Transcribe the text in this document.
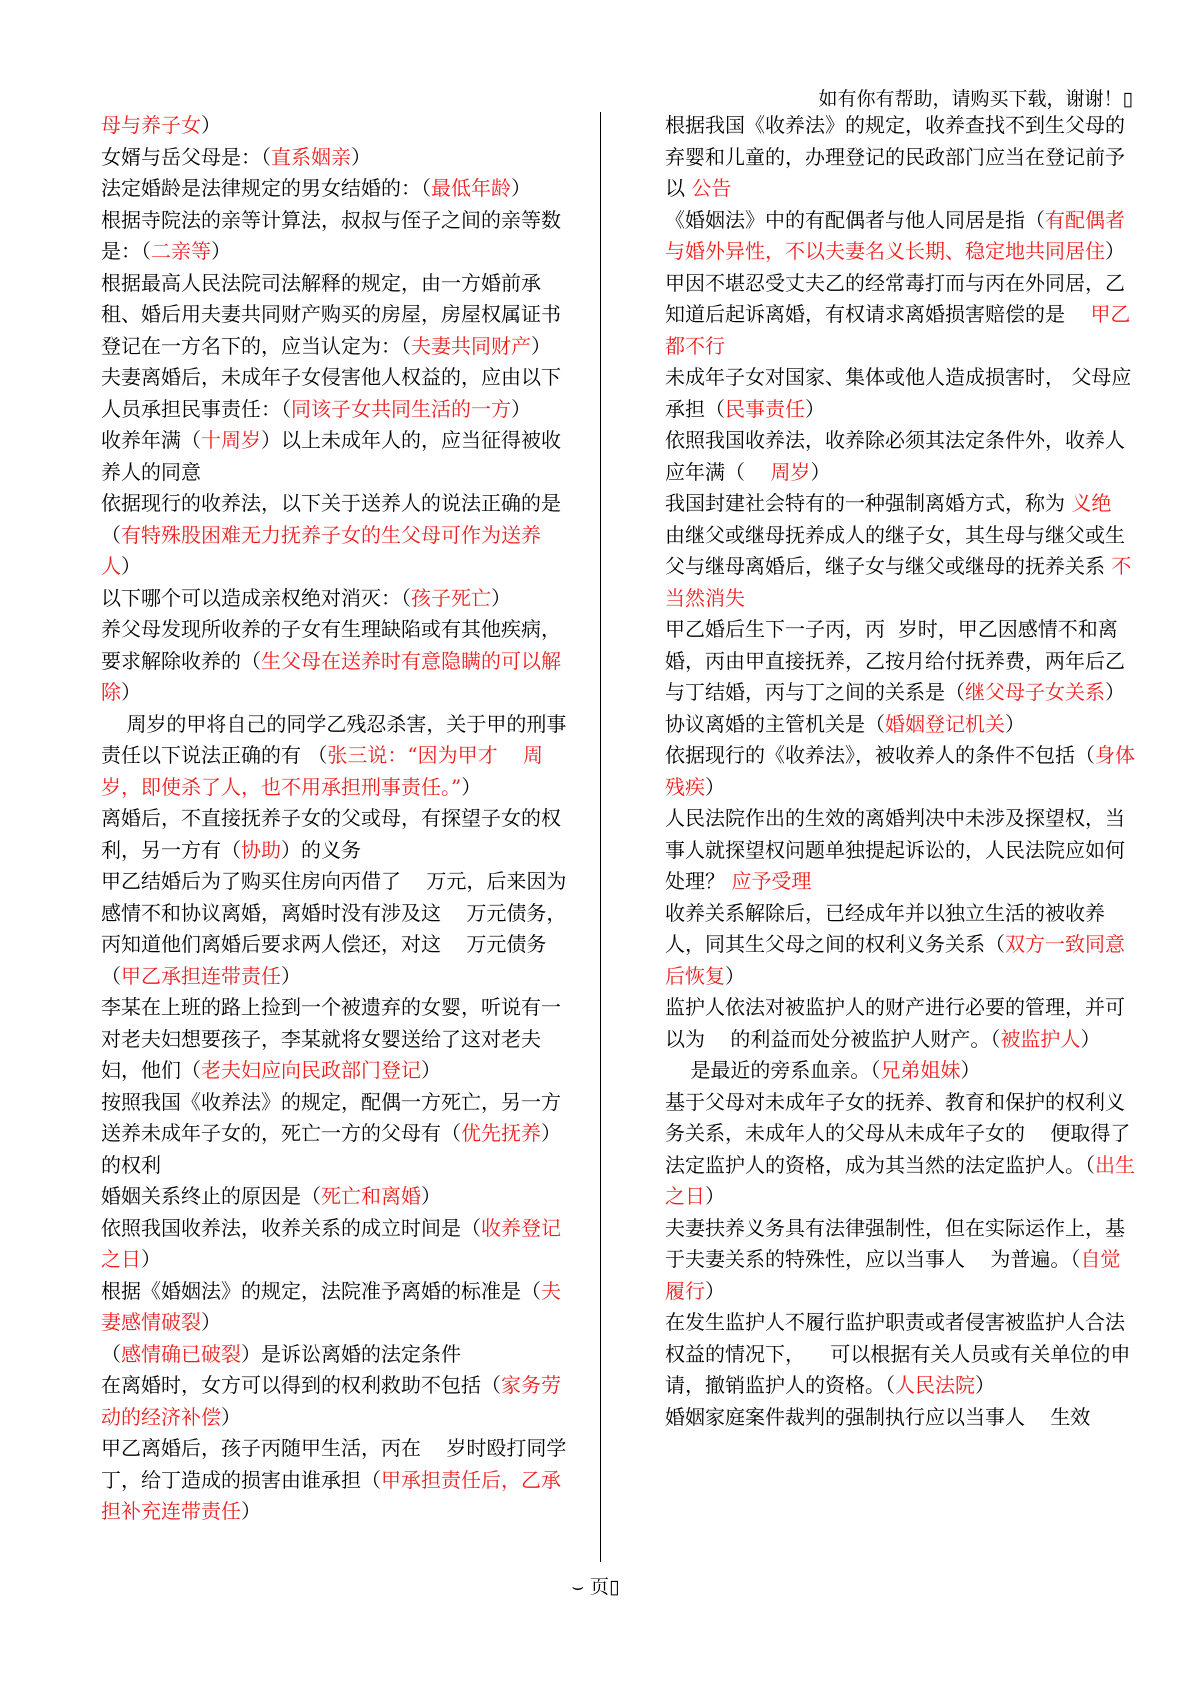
如有你有帮助，请购买下载，谢谢！▯

母与养子女）

女婿与岳父母是：（直系姻亲）

法定婚龄是法律规定的男女结婚的：（最低年龄）

根据寺院法的亲等计算法，叔叔与侄子之间的亲等数是：（二亲等）

根据最高人民法院司法解释的规定，由一方婚前承租、婚后用夫妻共同财产购买的房屋，房屋权属证书登记在一方名下的，应当认定为：（夫妻共同财产）

夫妻离婚后，未成年子女侵害他人权益的，应由以下人员承担民事责任：（同该子女共同生活的一方）

收养年满（十周岁）以上未成年人的，应当征得被收养人的同意

依据现行的收养法，以下关于送养人的说法正确的是（有特殊股困难无力抚养子女的生父母可作为送养人）

以下哪个可以造成亲权绝对消灭：（孩子死亡）

养父母发现所收养的子女有生理缺陷或有其他疾病，要求解除收养的（生父母在送养时有意隐瞒的可以解除）

周岁的甲将自己的同学乙残忍杀害，关于甲的刑事责任以下说法正确的有 （张三说：“因为甲才    周岁，即使杀了人，也不用承担刑事责任。”）

离婚后，不直接抚养子女的父或母，有探望子女的权利，另一方有（协助）的义务

甲乙结婚后为了购买住房向丙借了    万元，后来因为感情不和协议离婚，离婚时没有涉及这    万元债务，丙知道他们离婚后要求两人偿还，对这    万元债务（甲乙承担连带责任）

李某在上班的路上捡到一个被遗弃的女婴，听说有一对老夫妇想要孩子，李某就将女婴送给了这对老夫妇，他们（老夫妇应向民政部门登记）

按照我国《收养法》的规定，配偶一方死亡，另一方送养未成年子女的，死亡一方的父母有（优先抚养）的权利

婚姻关系终止的原因是（死亡和离婚）

依照我国收养法，收养关系的成立时间是（收养登记之日）

根据《婚姻法》的规定，法院准予离婚的标准是（夫妻感情破裂）

（感情确已破裂）是诉讼离婚的法定条件

在离婚时，女方可以得到的权利救助不包括（家务劳动的经济补偿）

甲乙离婚后，孩子丙随甲生活，丙在    岁时殴打同学丁，给丁造成的损害由谁承担（甲承担责任后，乙承担补充连带责任）

根据我国《收养法》的规定，收养查找不到生父母的弃婴和儿童的，办理登记的民政部门应当在登记前予以 公告

《婚姻法》中的有配偶者与他人同居是指（有配偶者与婚外异性，不以夫妻名义长期、稳定地共同居住）

甲因不堪忍受丈夫乙的经常毒打而与丙在外同居，乙知道后起诉离婚，有权请求离婚损害赔偿的是    甲乙都不行

未成年子女对国家、集体或他人造成损害时， 父母应承担（民事责任）

依照我国收养法，收养除必须其法定条件外，收养人应年满（    周岁）

我国封建社会特有的一种强制离婚方式，称为 义绝

由继父或继母抚养成人的继子女，其生母与继父或生父与继母离婚后，继子女与继父或继母的抚养关系 不当然消失

甲乙婚后生下一子丙，丙  岁时，甲乙因感情不和离婚，丙由甲直接抚养，乙按月给付抚养费，两年后乙与丁结婚，丙与丁之间的关系是（继父母子女关系）

协议离婚的主管机关是（婚姻登记机关）

依据现行的《收养法》，被收养人的条件不包括（身体残疾）

人民法院作出的生效的离婚判决中未涉及探望权，当事人就探望权问题单独提起诉讼的，人民法院应如何处理？ 应予受理

收养关系解除后，已经成年并以独立生活的被收养人，同其生父母之间的权利义务关系（双方一致同意后恢复）

监护人依法对被监护人的财产进行必要的管理，并可以为    的利益而处分被监护人财产。（被监护人）

是最近的旁系血亲。（兄弟姐妹）

基于父母对未成年子女的抚养、教育和保护的权利义务关系，未成年人的父母从未成年子女的    便取得了法定监护人的资格，成为其当然的法定监护人。（出生之日）

夫妻扶养义务具有法律强制性，但在实际运作上，基于夫妻关系的特殊性，应以当事人    为普遍。（自觉履行）

在发生监护人不履行监护职责或者侵害被监护人合法权益的情况下，    可以根据有关人员或有关单位的申请，撤销监护人的资格。（人民法院）

婚姻家庭案件裁判的强制执行应以当事人    生效

⌣ 页▯
